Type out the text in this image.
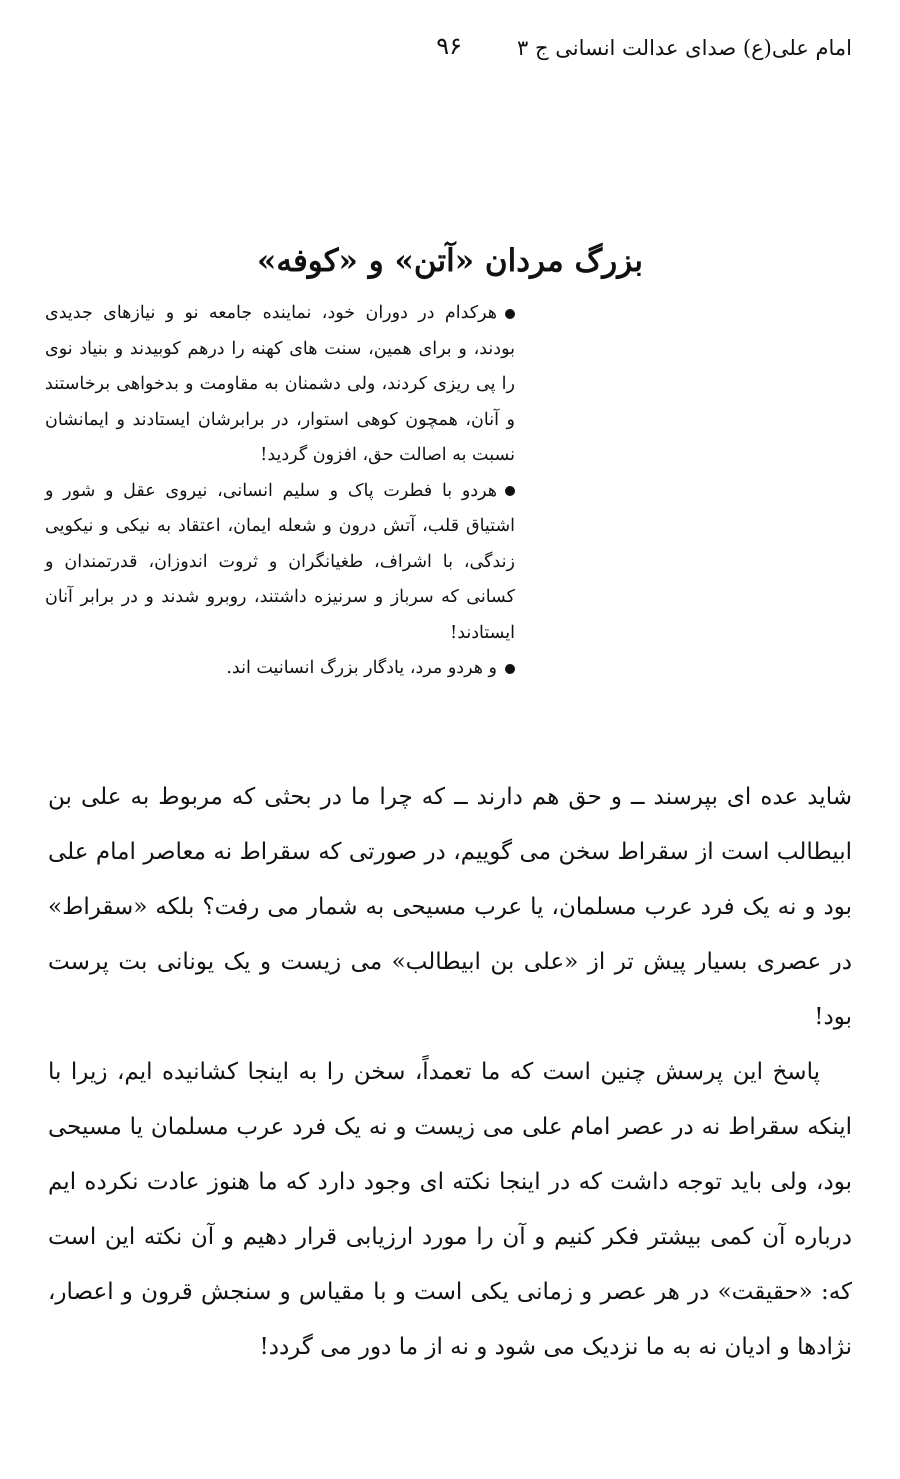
امام علی(ع) صدای عدالت انسانی ج ۳
۹۶
بزرگ مردان «آتن» و «کوفه»
هرکدام در دوران خود، نماینده جامعه نو و نیازهای جدیدی بودند، و برای همین، سنت های کهنه را درهم کوبیدند و بنیاد نوی را پی ریزی کردند، ولی دشمنان به مقاومت و بدخواهی برخاستند و آنان، همچون کوهی استوار، در برابرشان ایستادند و ایمانشان نسبت به اصالت حق، افزون گردید!
هردو با فطرت پاک و سلیم انسانی، نیروی عقل و شور و اشتیاق قلب، آتش درون و شعله ایمان، اعتقاد به نیکی و نیکویی زندگی، با اشراف، طغیانگران و ثروت اندوزان، قدرتمندان و کسانی که سرباز و سرنیزه داشتند، روبرو شدند و در برابر آنان ایستادند!
و هردو مرد، یادگار بزرگ انسانیت اند.

شاید عده ای بپرسند ــ و حق هم دارند ــ که چرا ما در بحثی که مربوط به علی بن ابیطالب است از سقراط سخن می گوییم، در صورتی که سقراط نه معاصر امام علی بود و نه یک فرد عرب مسلمان، یا عرب مسیحی به شمار می رفت؟ بلکه «سقراط» در عصری بسیار پیش تر از «علی بن ابیطالب» می زیست و یک یونانی بت پرست بود!

پاسخ این پرسش چنین است که ما تعمداً، سخن را به اینجا کشانیده ایم، زیرا با اینکه سقراط نه در عصر امام علی می زیست و نه یک فرد عرب مسلمان یا مسیحی بود، ولی باید توجه داشت که در اینجا نکته ای وجود دارد که ما هنوز عادت نکرده ایم درباره آن کمی بیشتر فکر کنیم و آن را مورد ارزیابی قرار دهیم و آن نکته این است که: «حقیقت» در هر عصر و زمانی یکی است و با مقیاس و سنجش قرون و اعصار، نژادها و ادیان نه به ما نزدیک می شود و نه از ما دور می گردد!
